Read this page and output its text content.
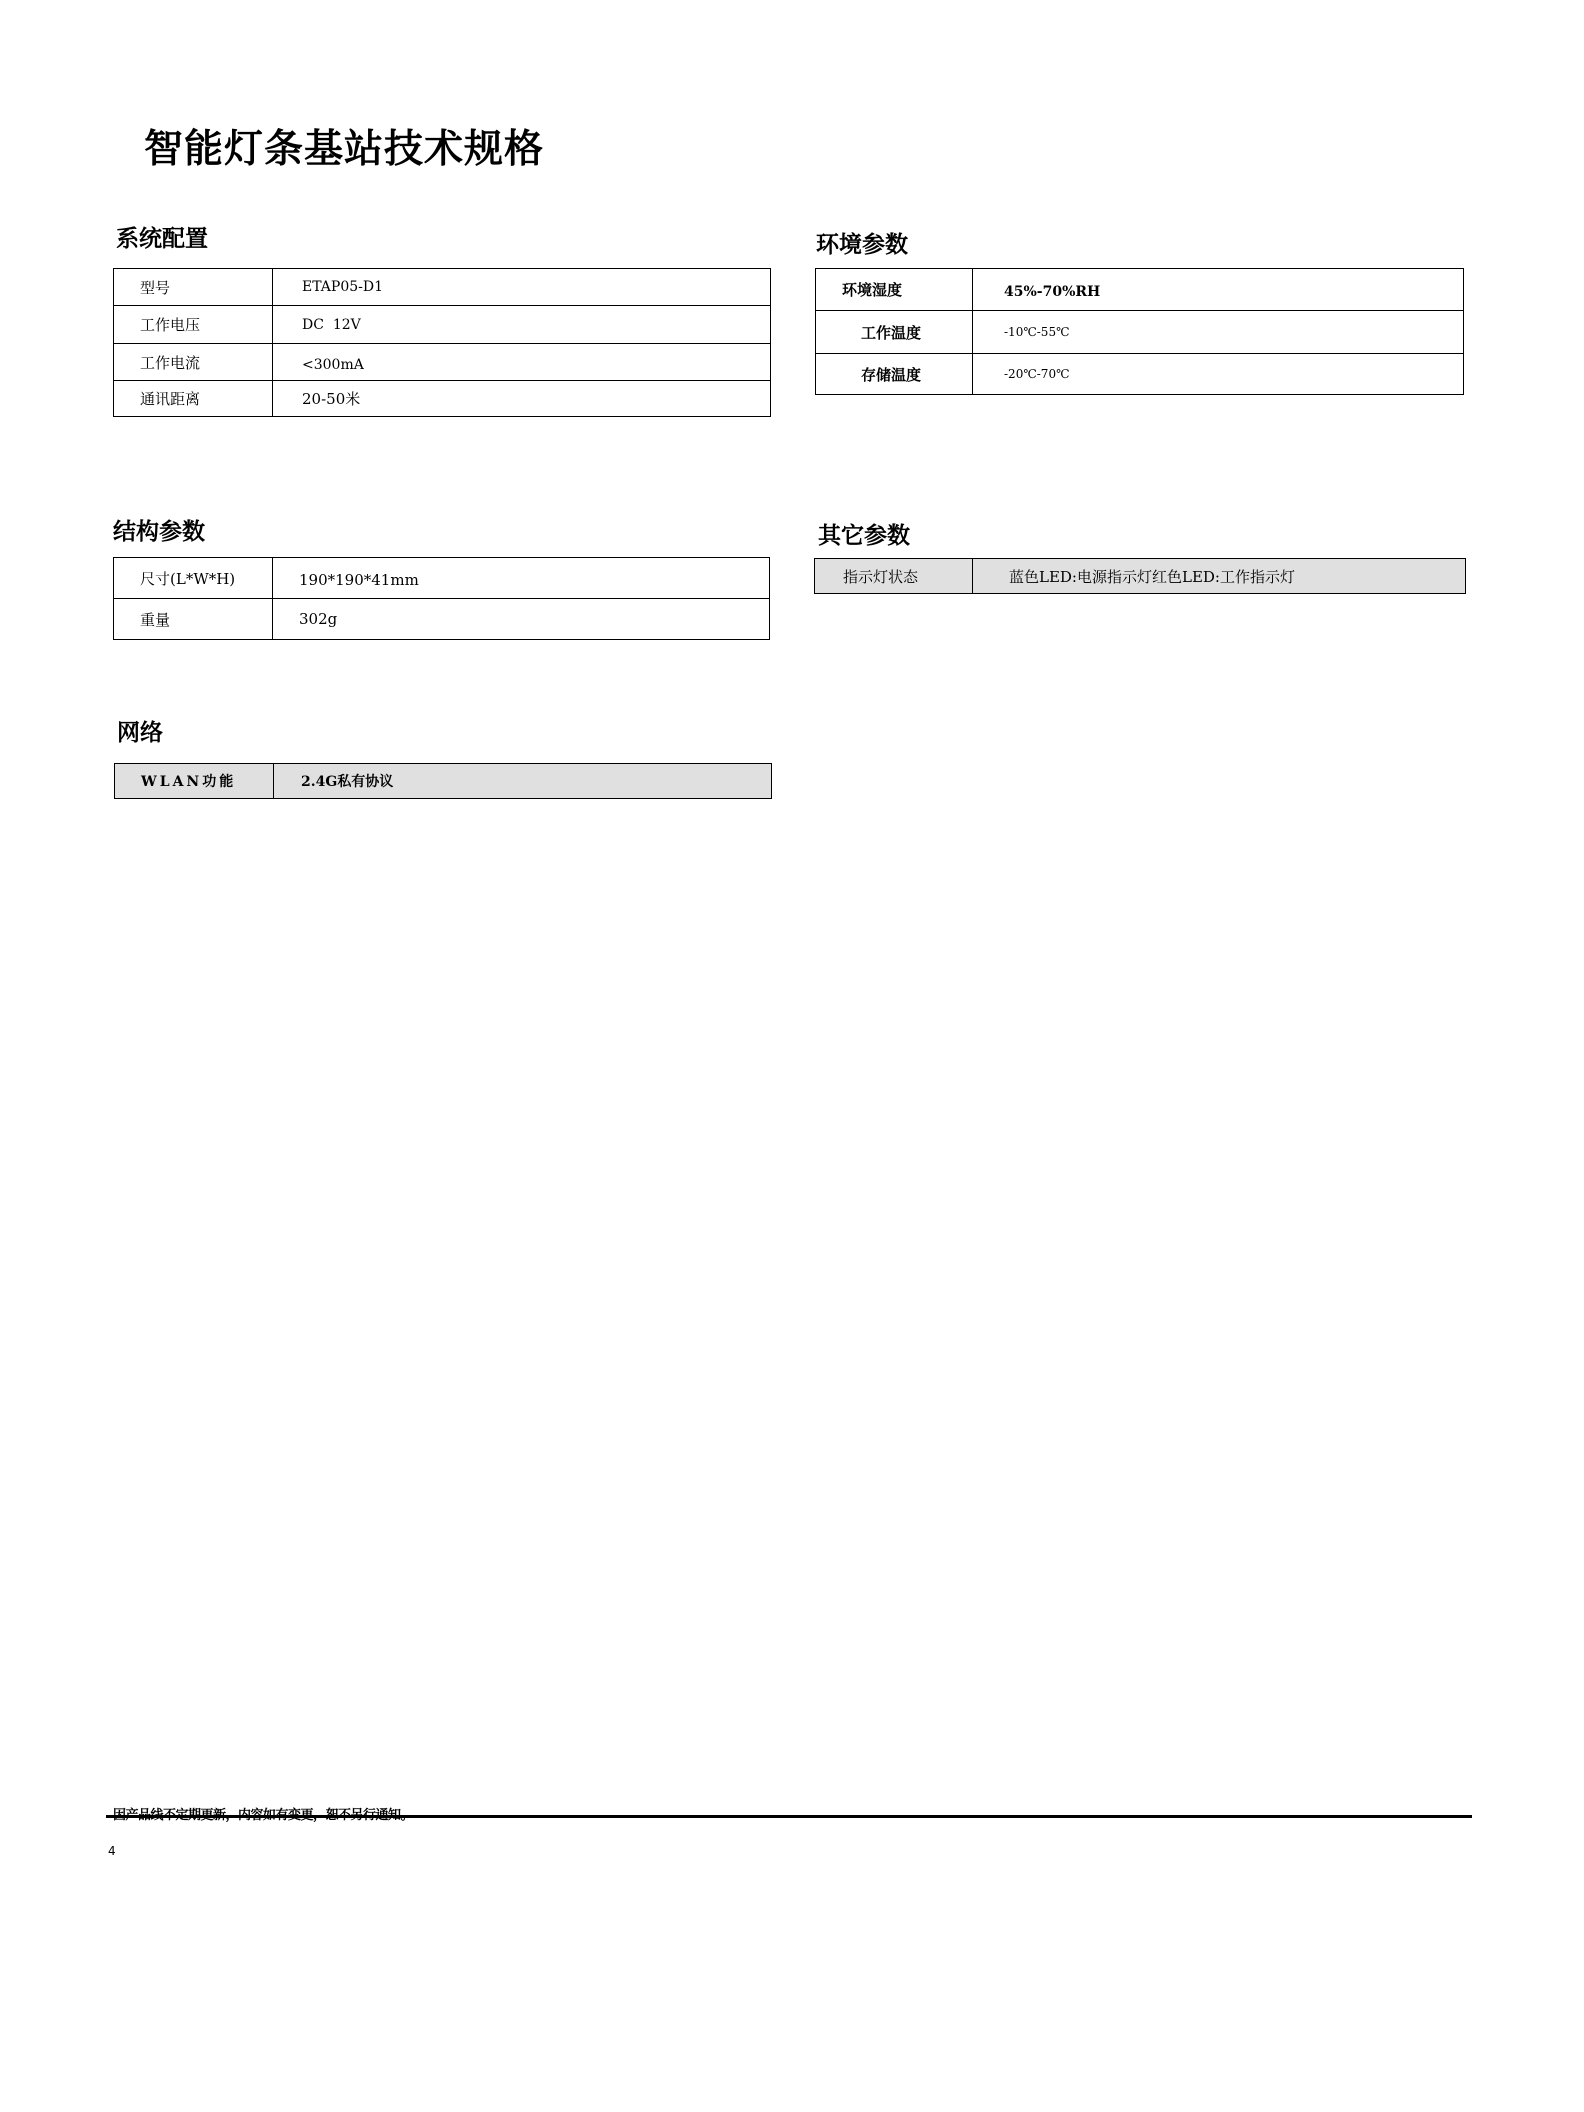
智能灯条基站技术规格
系统配置
型号	ETAP05-D1
工作电压	DC  12V
工作电流	<300mA
通讯距离	20-50米
环境参数
环境湿度	45%-70%RH
工作温度	-10℃-55℃
存储温度	-20℃-70℃
结构参数
尺寸(L*W*H)	190*190*41mm
重量	302g
其它参数
指示灯状态	蓝色LED:电源指示灯红色LED:工作指示灯
网络
WLAN功能	2.4G私有协议
4
